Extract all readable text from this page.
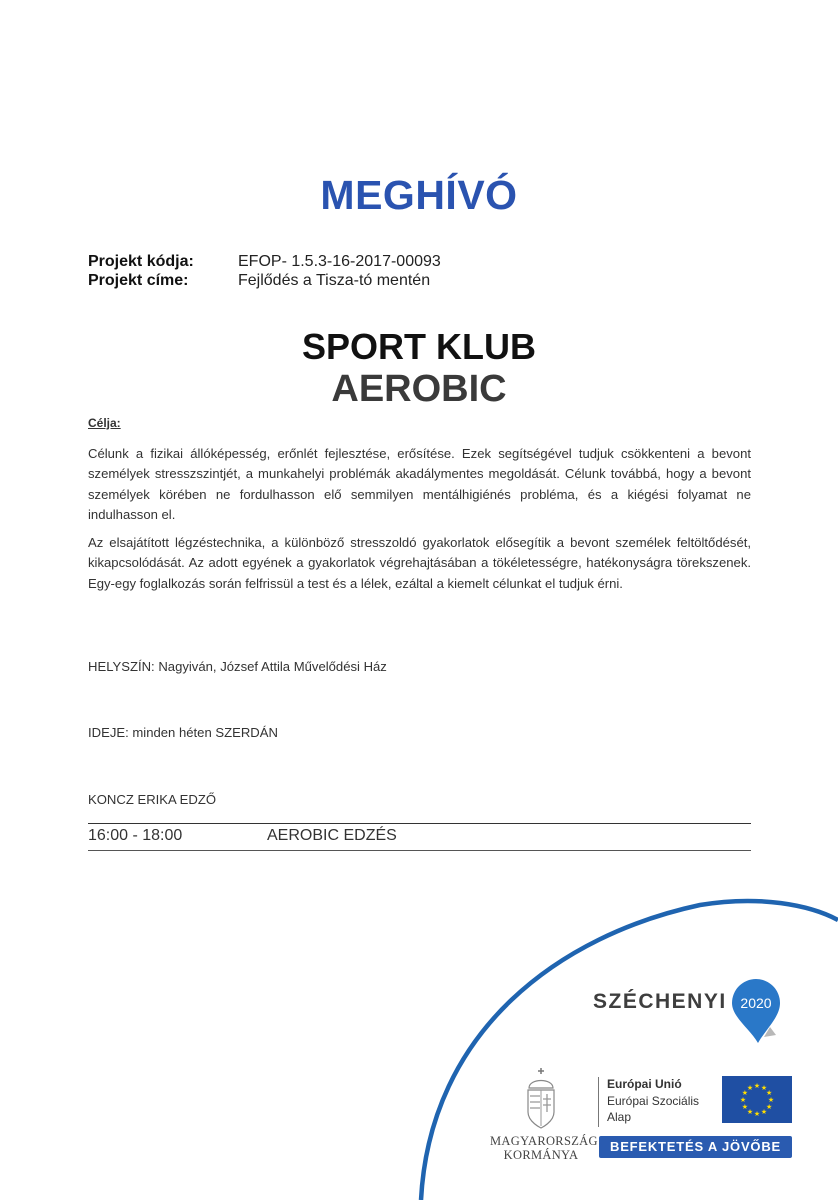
MEGHÍVÓ
Projekt kódja:	EFOP- 1.5.3-16-2017-00093
Projekt címe:	Fejlődés a Tisza-tó mentén
SPORT KLUB
AEROBIC
Célja:
Célunk a fizikai állóképesség, erőnlét fejlesztése, erősítése. Ezek segítségével tudjuk csökkenteni a bevont személyek stresszszintjét, a munkahelyi problémák akadálymentes megoldását. Célunk továbbá, hogy a bevont személyek körében ne fordulhasson elő semmilyen mentálhigiénés probléma, és a kiégési folyamat ne indulhasson el.
Az elsajátított légzéstechnika, a különböző stresszoldó gyakorlatok elősegítik a bevont személek feltöltődését, kikapcsolódását. Az adott egyének a gyakorlatok végrehajtásában a tökéletességre, hatékonyságra törekszenek. Egy-egy foglalkozás során felfrissül a test és a lélek, ezáltal a kiemelt célunkat el tudjuk érni.
HELYSZÍN: Nagyiván, József Attila Művelődési Ház
IDEJE: minden héten SZERDÁN
KONCZ ERIKA EDZŐ
16:00 - 18:00	AEROBIC EDZÉS
SZÉCHENYI 2020
MAGYARORSZÁG
KORMÁNYA
Európai Unió
Európai Szociális
Alap
★ ★
★
★
★
★
★
★
★
★
★
★
BEFEKTETÉS A JÖVŐBE
